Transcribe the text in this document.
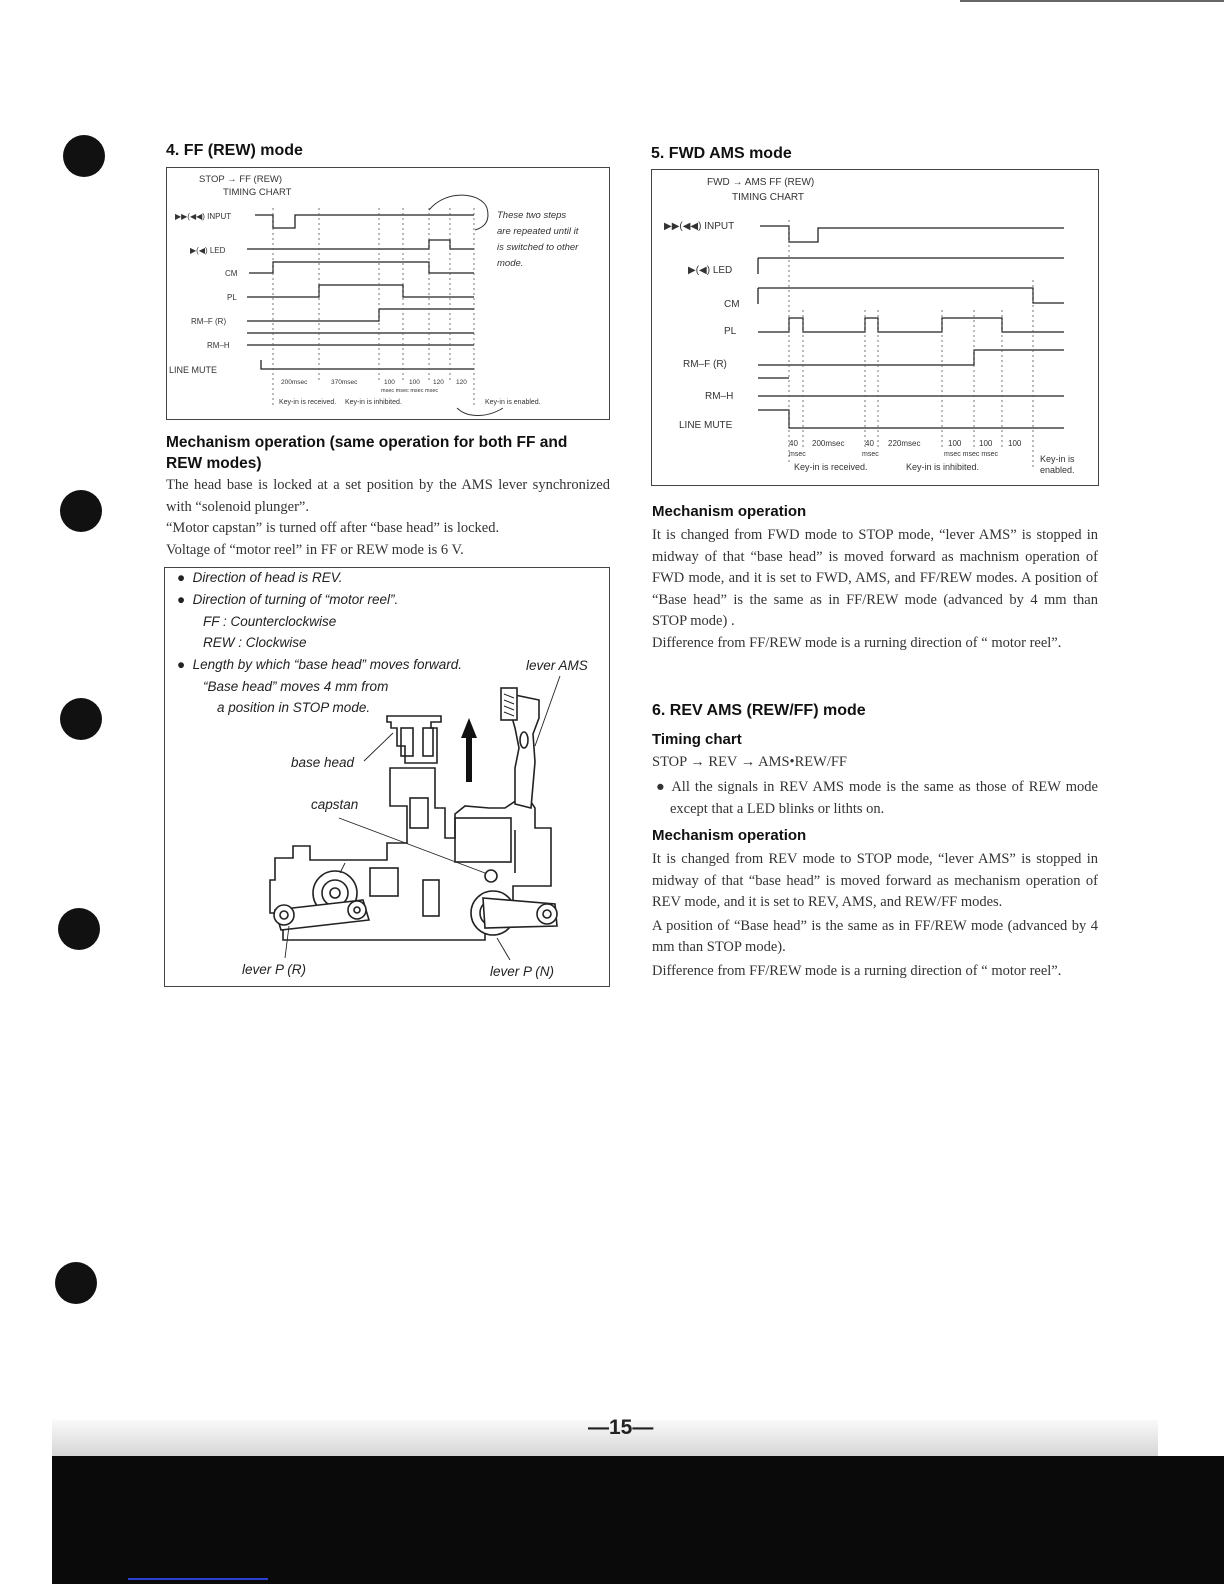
4. FF (REW) mode
STOP → FF (REW)
TIMING CHART
▶▶(◀◀) INPUT
▶(◀) LED
CM
PL
RM–F (R)
RM–H
LINE MUTE
200msec	370msec	100 100 120 120
msec msec msec msec
Key-in is received. Key-in is inhibited.	Key-in is enabled.
These two steps
are repeated until it
is switched to other
mode.
Mechanism operation (same operation for both FF and
REW modes)

The head base is locked at a set position by the AMS lever synchronized with “solenoid plunger”.

“Motor capstan” is turned off after “base head” is locked.

Voltage of “motor reel” in FF or REW mode is 6 V.

●  Direction of head is REV.
●  Direction of turning of “motor reel”.
FF : Counterclockwise
REW : Clockwise
●  Length by which “base head” moves forward.
“Base head” moves 4 mm from
a position in STOP mode.
lever AMS
base head
capstan
lever P (R)	lever P (N)
5. FWD AMS mode
FWD → AMS FF (REW)
TIMING CHART
▶▶(◀◀) INPUT
▶(◀) LED
CM
PL
RM–F (R)
RM–H
LINE MUTE
40 200msec	40 220msec	100 100 100
msec	msec	msec msec msec
Key-in is received.	Key-in is inhibited.
Key-in is
enabled.
Mechanism operation

It is changed from FWD mode to STOP mode, “lever AMS” is stopped in midway of that “base head” is moved forward as machnism operation of FWD mode, and it is set to FWD, AMS, and FF/REW modes. A position of “Base head” is the same as in FF/REW mode (advanced by 4 mm than STOP mode) .

Difference from FF/REW mode is a rurning direction of “ motor reel”.

6. REV AMS (REW/FF) mode
Timing chart
STOP → REV → AMS•REW/FF
● All the signals in REV AMS mode is the same as those of REW mode except that a LED blinks or lithts on.
Mechanism operation

It is changed from REV mode to STOP mode, “lever AMS” is stopped in midway of that “base head” is moved forward as mechanism operation of REV mode, and it is set to REV, AMS, and REW/FF modes.

A position of “Base head” is the same as in FF/REW mode (advanced by 4 mm than STOP mode).

Difference from FF/REW mode is a rurning direction of “ motor reel”.

—15—
